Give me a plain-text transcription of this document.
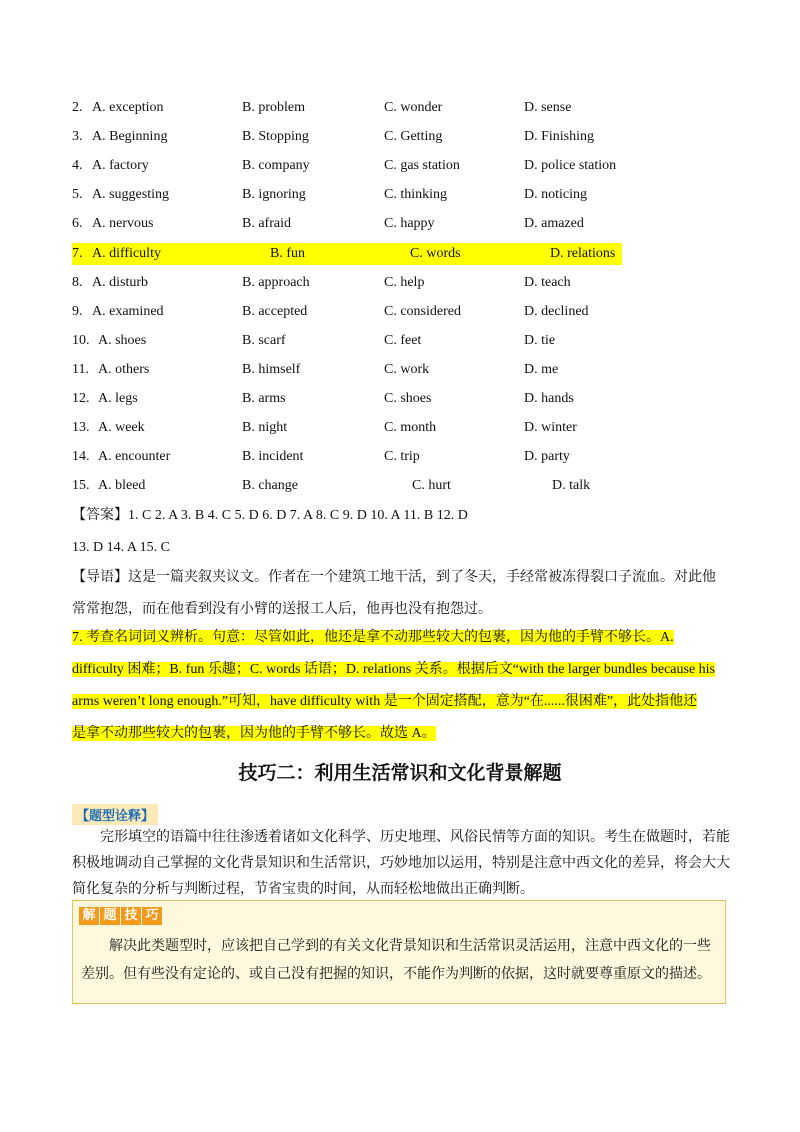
2. A. exception	B. problem	C. wonder	D. sense
3. A. Beginning	B. Stopping	C. Getting	D. Finishing
4. A. factory	B. company	C. gas station	D. police station
5. A. suggesting	B. ignoring	C. thinking	D. noticing
6. A. nervous	B. afraid	C. happy	D. amazed
7. A. difficulty	B. fun	C. words	D. relations
8. A. disturb	B. approach	C. help	D. teach
9. A. examined	B. accepted	C. considered	D. declined
10. A. shoes	B. scarf	C. feet	D. tie
11. A. others	B. himself	C. work	D. me
12. A. legs	B. arms	C. shoes	D. hands
13. A. week	B. night	C. month	D. winter
14. A. encounter	B. incident	C. trip	D. party
15. A. bleed	B. change	C. hurt	D. talk
【答案】1. C 2. A 3. B 4. C 5. D 6. D 7. A 8. C 9. D 10. A 11. B 12. D
13. D 14. A 15. C
【导语】这是一篇夹叙夹议文。作者在一个建筑工地干活，到了冬天，手经常被冻得裂口子流血。对此他
常常抱怨，而在他看到没有小臂的送报工人后，他再也没有抱怨过。
7. 考查名词词义辨析。句意：尽管如此，他还是拿不动那些较大的包裹，因为他的手臂不够长。A.
difficulty 困难；B. fun 乐趣；C. words 话语；D. relations 关系。根据后文“with the larger bundles because his
arms weren’t long enough.”可知，have difficulty with 是一个固定搭配，意为“在......很困难”，此处指他还
是拿不动那些较大的包裹，因为他的手臂不够长。故选 A。
技巧二：利用生活常识和文化背景解题
【题型诠释】
完形填空的语篇中往往渗透着诸如文化科学、历史地理、风俗民情等方面的知识。考生在做题时，若能积极地调动自己掌握的文化背景知识和生活常识，巧妙地加以运用，特别是注意中西文化的差异，将会大大简化复杂的分析与判断过程，节省宝贵的时间，从而轻松地做出正确判断。
解 题 技 巧
解决此类题型时，应该把自己学到的有关文化背景知识和生活常识灵活运用，注意中西文化的一些差别。但有些没有定论的、或自己没有把握的知识，不能作为判断的依据，这时就要尊重原文的描述。
